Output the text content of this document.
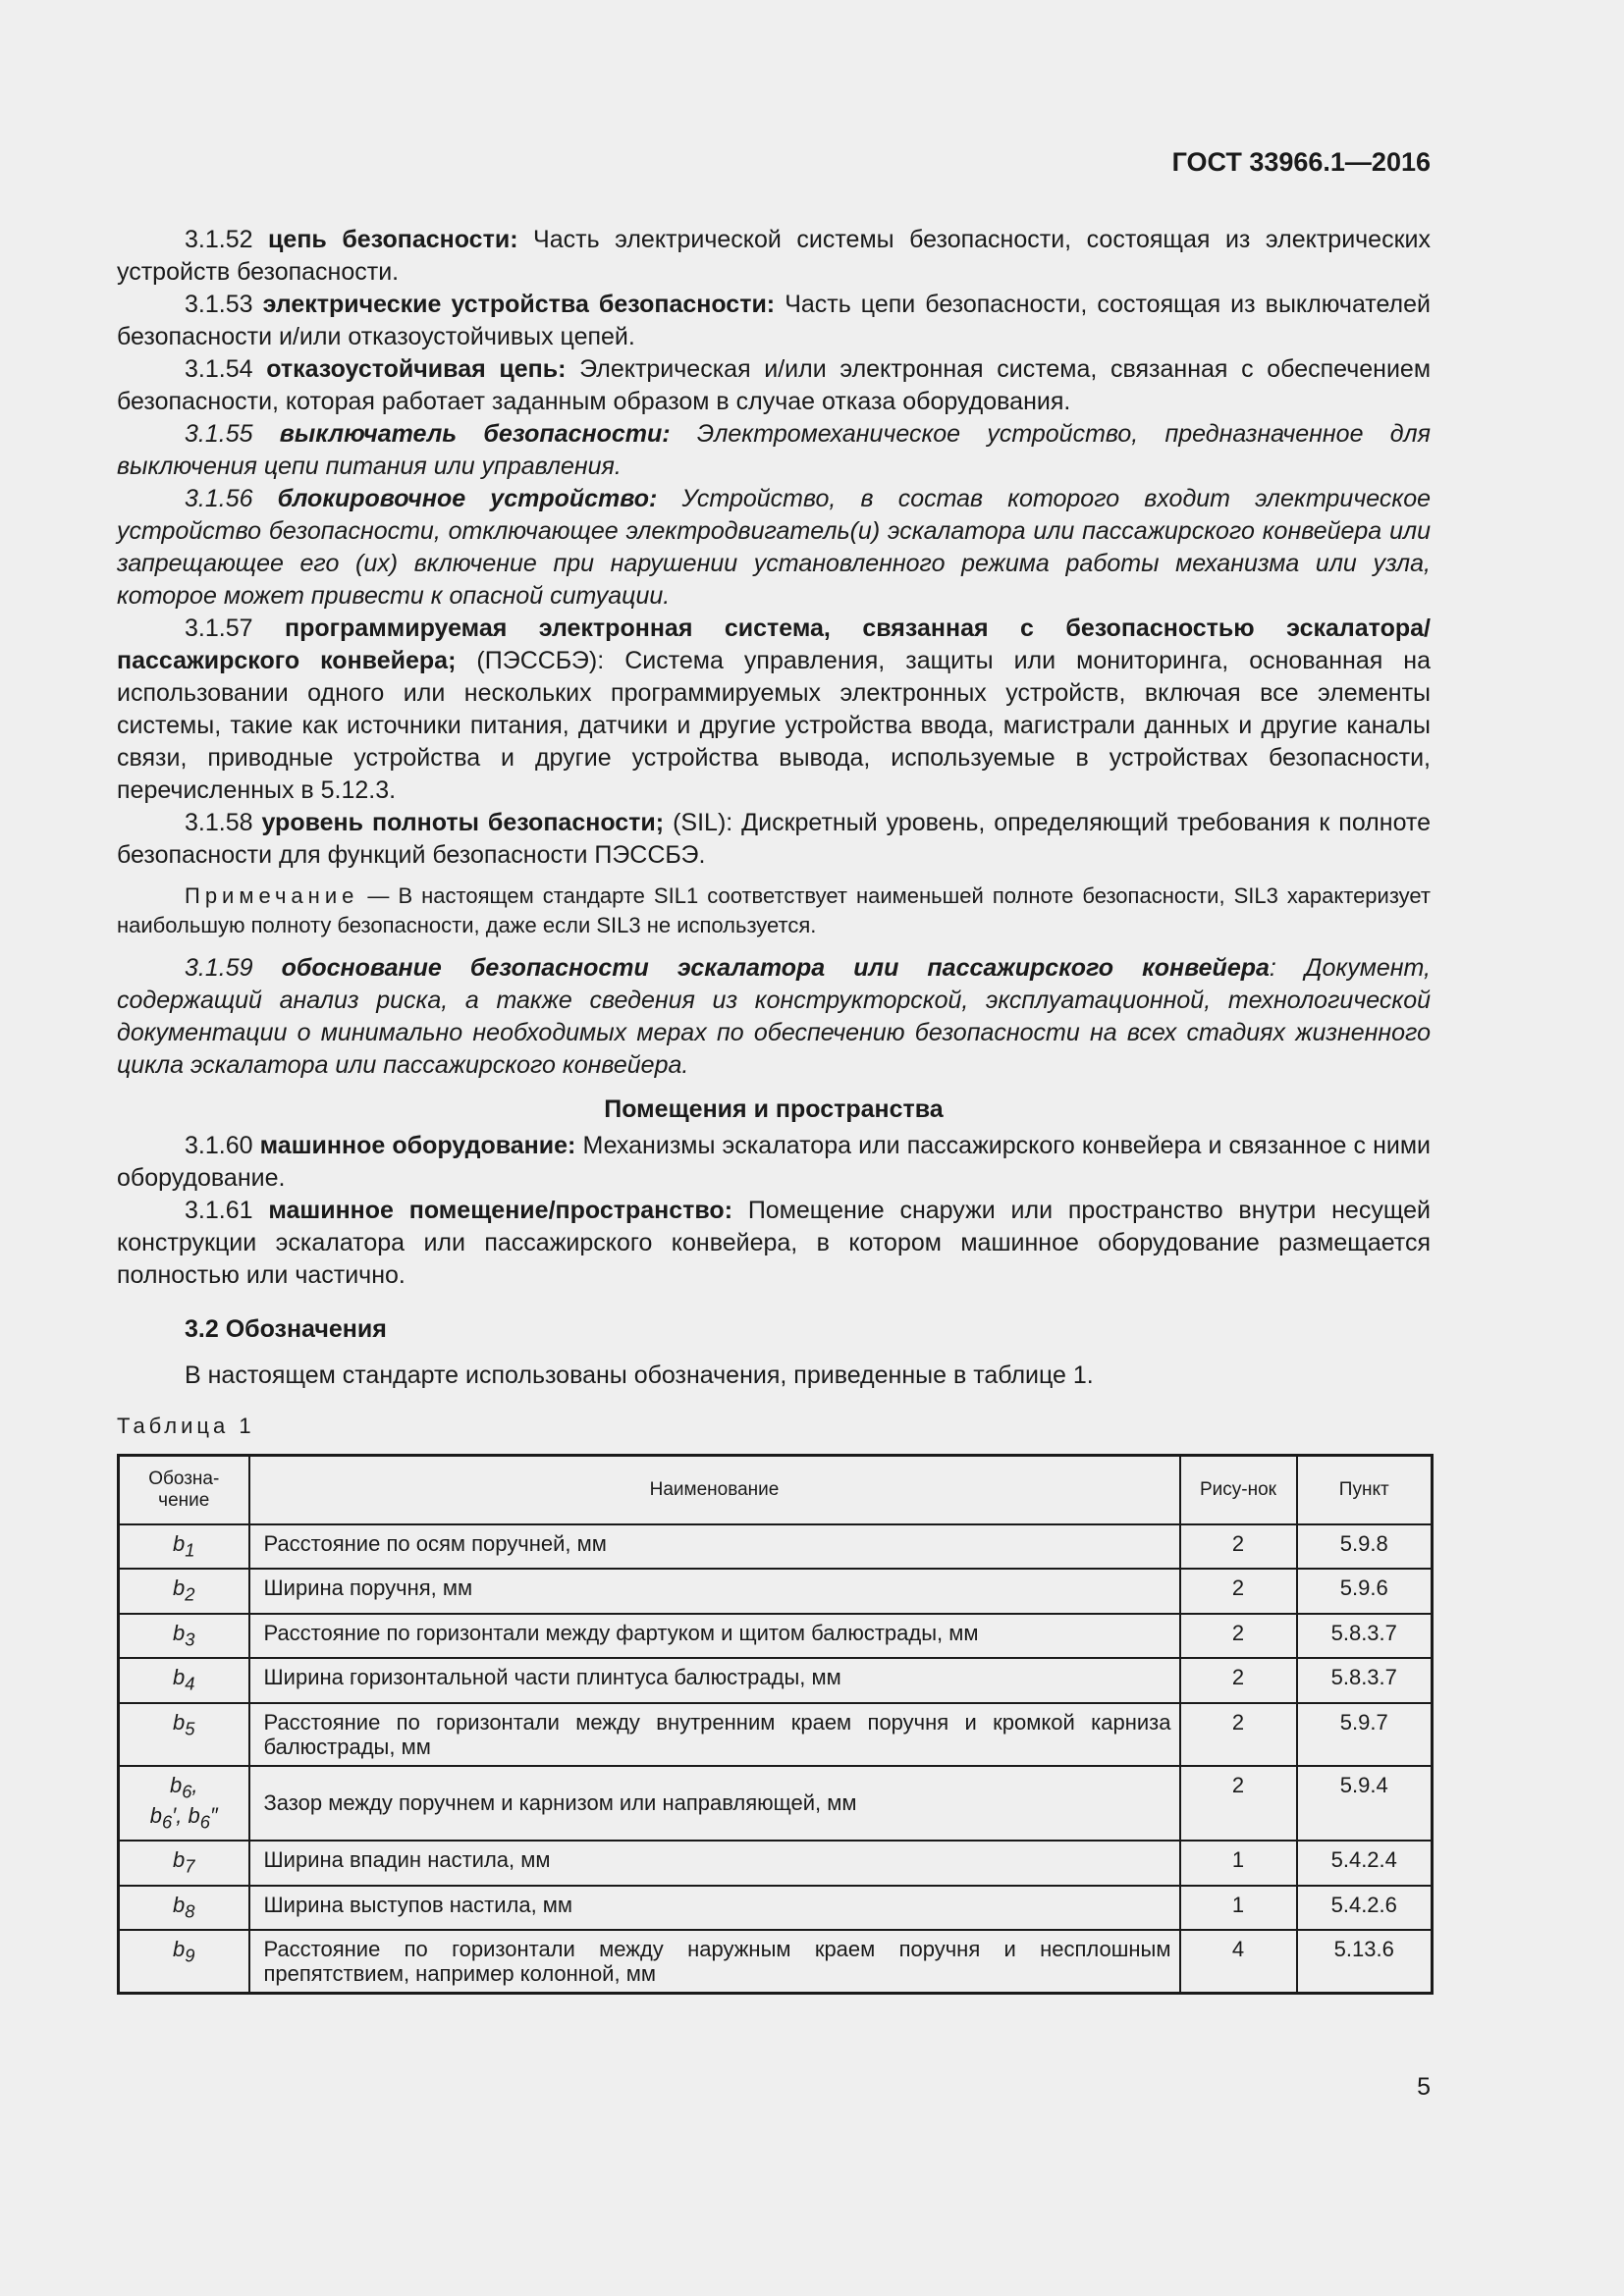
ГОСТ 33966.1—2016

3.1.52 цепь безопасности: Часть электрической системы безопасности, состоящая из электрических устройств безопасности.

3.1.53 электрические устройства безопасности: Часть цепи безопасности, состоящая из выключателей безопасности и/или отказоустойчивых цепей.

3.1.54 отказоустойчивая цепь: Электрическая и/или электронная система, связанная с обеспечением безопасности, которая работает заданным образом в случае отказа оборудования.

3.1.55 выключатель безопасности: Электромеханическое устройство, предназначенное для выключения цепи питания или управления.

3.1.56 блокировочное устройство: Устройство, в состав которого входит электрическое устройство безопасности, отключающее электродвигатель(и) эскалатора или пассажирского конвейера или запрещающее его (их) включение при нарушении установленного режима работы механизма или узла, которое может привести к опасной ситуации.

3.1.57 программируемая электронная система, связанная с безопасностью эскалатора/пассажирского конвейера; (ПЭССБЭ): Система управления, защиты или мониторинга, основанная на использовании одного или нескольких программируемых электронных устройств, включая все элементы системы, такие как источники питания, датчики и другие устройства ввода, магистрали данных и другие каналы связи, приводные устройства и другие устройства вывода, используемые в устройствах безопасности, перечисленных в 5.12.3.

3.1.58 уровень полноты безопасности; (SIL): Дискретный уровень, определяющий требования к полноте безопасности для функций безопасности ПЭССБЭ.

Примечание — В настоящем стандарте SIL1 соответствует наименьшей полноте безопасности, SIL3 характеризует наибольшую полноту безопасности, даже если SIL3 не используется.

3.1.59 обоснование безопасности эскалатора или пассажирского конвейера: Документ, содержащий анализ риска, а также сведения из конструкторской, эксплуатационной, технологической документации о минимально необходимых мерах по обеспечению безопасности на всех стадиях жизненного цикла эскалатора или пассажирского конвейера.

Помещения и пространства

3.1.60 машинное оборудование: Механизмы эскалатора или пассажирского конвейера и связанное с ними оборудование.

3.1.61 машинное помещение/пространство: Помещение снаружи или пространство внутри несущей конструкции эскалатора или пассажирского конвейера, в котором машинное оборудование размещается полностью или частично.

3.2 Обозначения

В настоящем стандарте использованы обозначения, приведенные в таблице 1.

Таблица 1
Обозна-чение	Наименование	Рису-нок	Пункт
$b_1$	Расстояние по осям поручней, мм	2	5.9.8
$b_2$	Ширина поручня, мм	2	5.9.6
$b_3$	Расстояние по горизонтали между фартуком и щитом балюстрады, мм	2	5.8.3.7
$b_4$	Ширина горизонтальной части плинтуса балюстрады, мм	2	5.8.3.7
$b_5$	Расстояние по горизонтали между внутренним краем поручня и кромкой карниза балюстрады, мм	2	5.9.7
$b_6$,
$b_6'$, $b_6''$	Зазор между поручнем и карнизом или направляющей, мм	2	5.9.4
$b_7$	Ширина впадин настила, мм	1	5.4.2.4
$b_8$	Ширина выступов настила, мм	1	5.4.2.6
$b_9$	Расстояние по горизонтали между наружным краем поручня и несплошным препятствием, например колонной, мм	4	5.13.6
5
